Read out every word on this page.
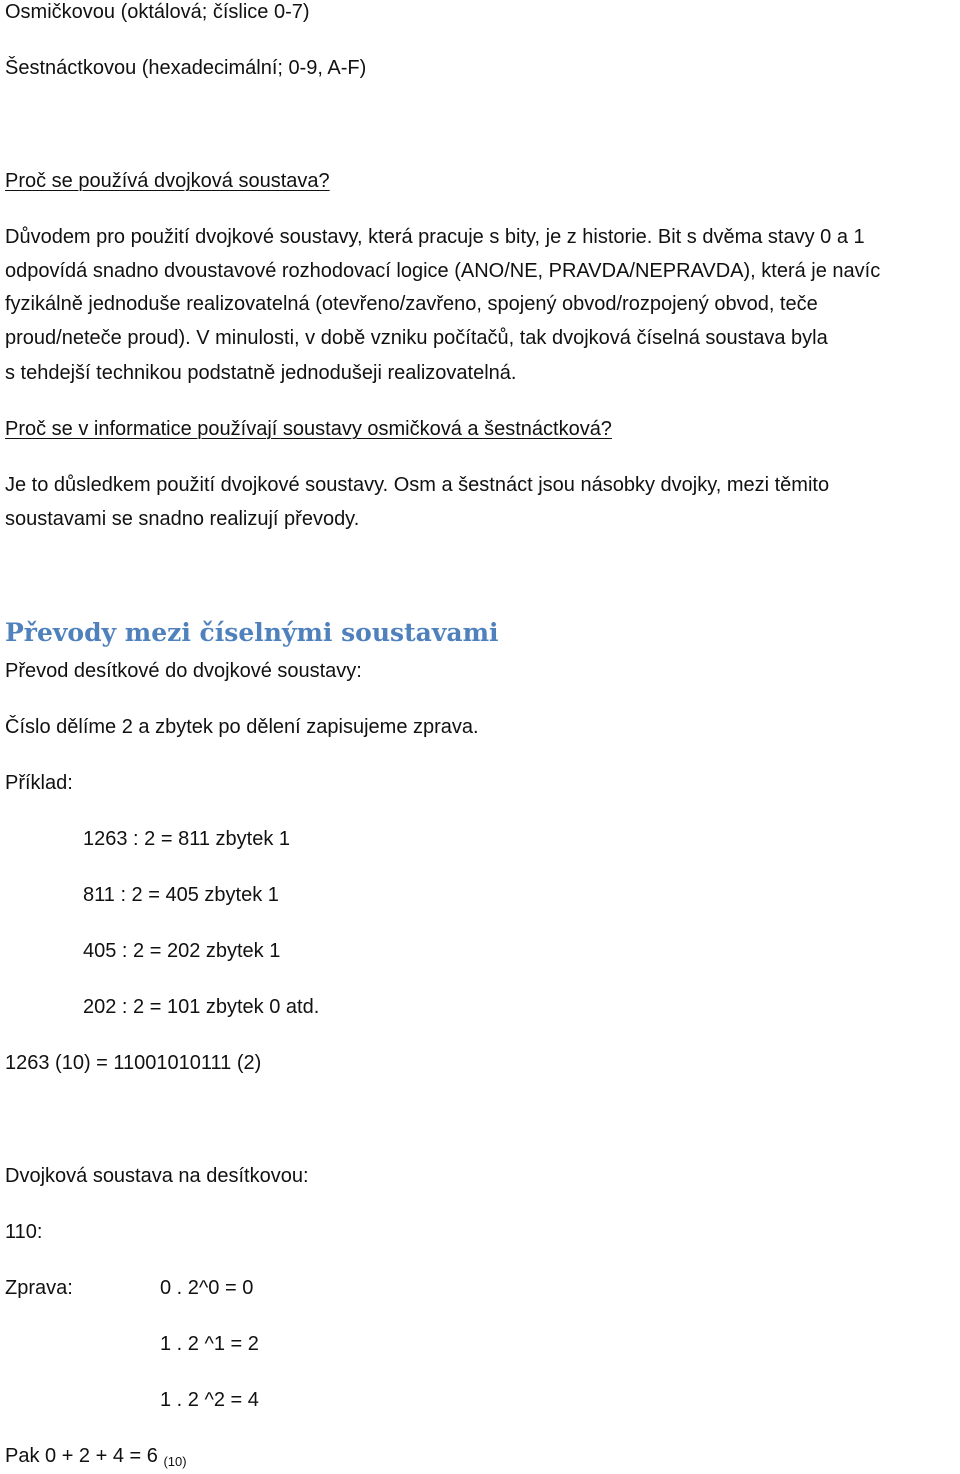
Osmičkovou (oktálová; číslice 0-7)
Šestnáctkovou (hexadecimální; 0-9, A-F)
Proč se používá dvojková soustava?
Důvodem pro použití dvojkové soustavy, která pracuje s bity, je z historie. Bit s dvěma stavy 0 a 1
odpovídá snadno dvoustavové rozhodovací logice (ANO/NE, PRAVDA/NEPRAVDA), která je navíc
fyzikálně jednoduše realizovatelná (otevřeno/zavřeno, spojený obvod/rozpojený obvod, teče
proud/neteče proud). V minulosti, v době vzniku počítačů, tak dvojková číselná soustava byla
s tehdejší technikou podstatně jednodušeji realizovatelná.
Proč se v informatice používají soustavy osmičková a šestnáctková?
Je to důsledkem použití dvojkové soustavy. Osm a šestnáct jsou násobky dvojky, mezi těmito
soustavami se snadno realizují převody.
Převody mezi číselnými soustavami
Převod desítkové do dvojkové soustavy:
Číslo dělíme 2 a zbytek po dělení zapisujeme zprava.
Příklad:
1263 : 2 = 811 zbytek 1
811 : 2 = 405 zbytek 1
405 : 2 = 202 zbytek 1
202 : 2 = 101 zbytek 0 atd.
1263 (10) = 11001010111 (2)
Dvojková soustava na desítkovou:
110:
Zprava:	0 . 2^0 = 0
1 . 2 ^1 = 2
1 . 2 ^2 = 4
Pak 0 + 2 + 4 = 6 $_{(10)}$
